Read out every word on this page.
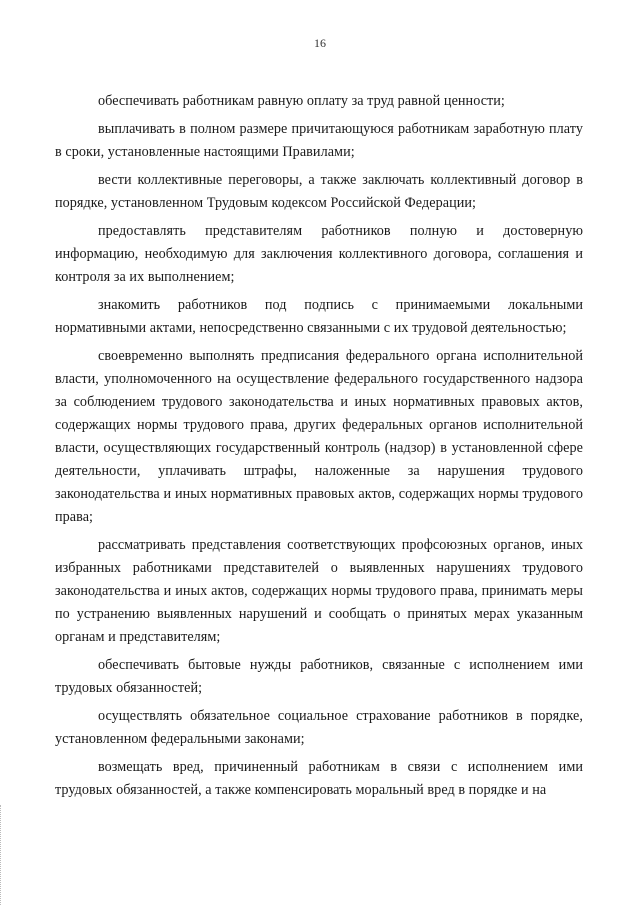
16

обеспечивать работникам равную оплату за труд равной ценности;

выплачивать в полном размере причитающуюся работникам заработную плату в сроки, установленные настоящими Правилами;

вести коллективные переговоры, а также заключать коллективный договор в порядке, установленном Трудовым кодексом Российской Федерации;

предоставлять представителям работников полную и достоверную информацию, необходимую для заключения коллективного договора, соглашения и контроля за их выполнением;

знакомить работников под подпись с принимаемыми локальными нормативными актами, непосредственно связанными с их трудовой деятельностью;

своевременно выполнять предписания федерального органа исполнительной власти, уполномоченного на осуществление федерального государственного надзора за соблюдением трудового законодательства и иных нормативных правовых актов, содержащих нормы трудового права, других федеральных органов исполнительной власти, осуществляющих государственный контроль (надзор) в установленной сфере деятельности, уплачивать штрафы, наложенные за нарушения трудового законодательства и иных нормативных правовых актов, содержащих нормы трудового права;

рассматривать представления соответствующих профсоюзных органов, иных избранных работниками представителей о выявленных нарушениях трудового законодательства и иных актов, содержащих нормы трудового права, принимать меры по устранению выявленных нарушений и сообщать о принятых мерах указанным органам и представителям;

обеспечивать бытовые нужды работников, связанные с исполнением ими трудовых обязанностей;

осуществлять обязательное социальное страхование работников в порядке, установленном федеральными законами;

возмещать вред, причиненный работникам в связи с исполнением ими трудовых обязанностей, а также компенсировать моральный вред в порядке и на
